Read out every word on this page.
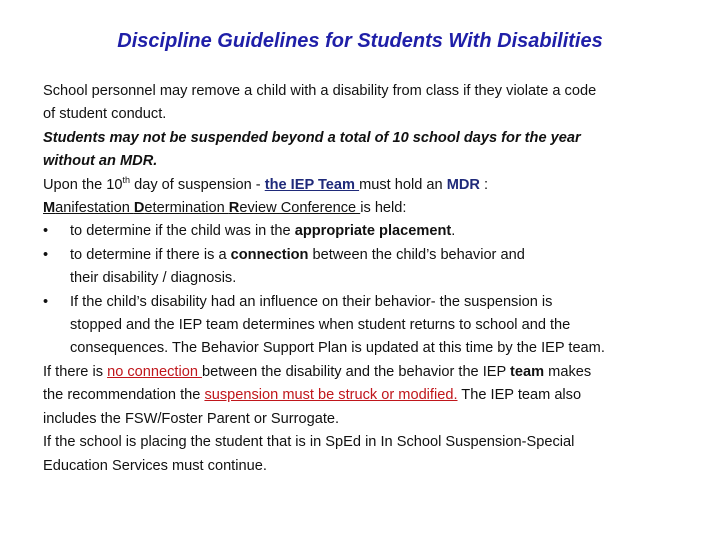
Discipline Guidelines for Students With Disabilities
School personnel may remove a child with a disability from class if they violate a code
of student conduct.
Students may not be suspended beyond a total of 10 school days for the year
without an MDR.
Upon the 10th day of suspension - the IEP Team must hold an MDR :
Manifestation Determination Review Conference is held:
•	to determine if the child was in the appropriate placement.
•	to determine if there is a connection between the child’s behavior and
their disability / diagnosis.
•	If the child’s disability had an influence on their behavior- the suspension is
stopped and the IEP team determines when student returns to school and the
consequences. The Behavior Support Plan is updated at this time by the IEP team.
If there is no connection between the disability and the behavior the IEP team makes
the recommendation the suspension must be struck or modified. The IEP team also
includes the FSW/Foster Parent or Surrogate.
If the school is placing the student that is in SpEd in In School Suspension-Special
Education Services must continue.
